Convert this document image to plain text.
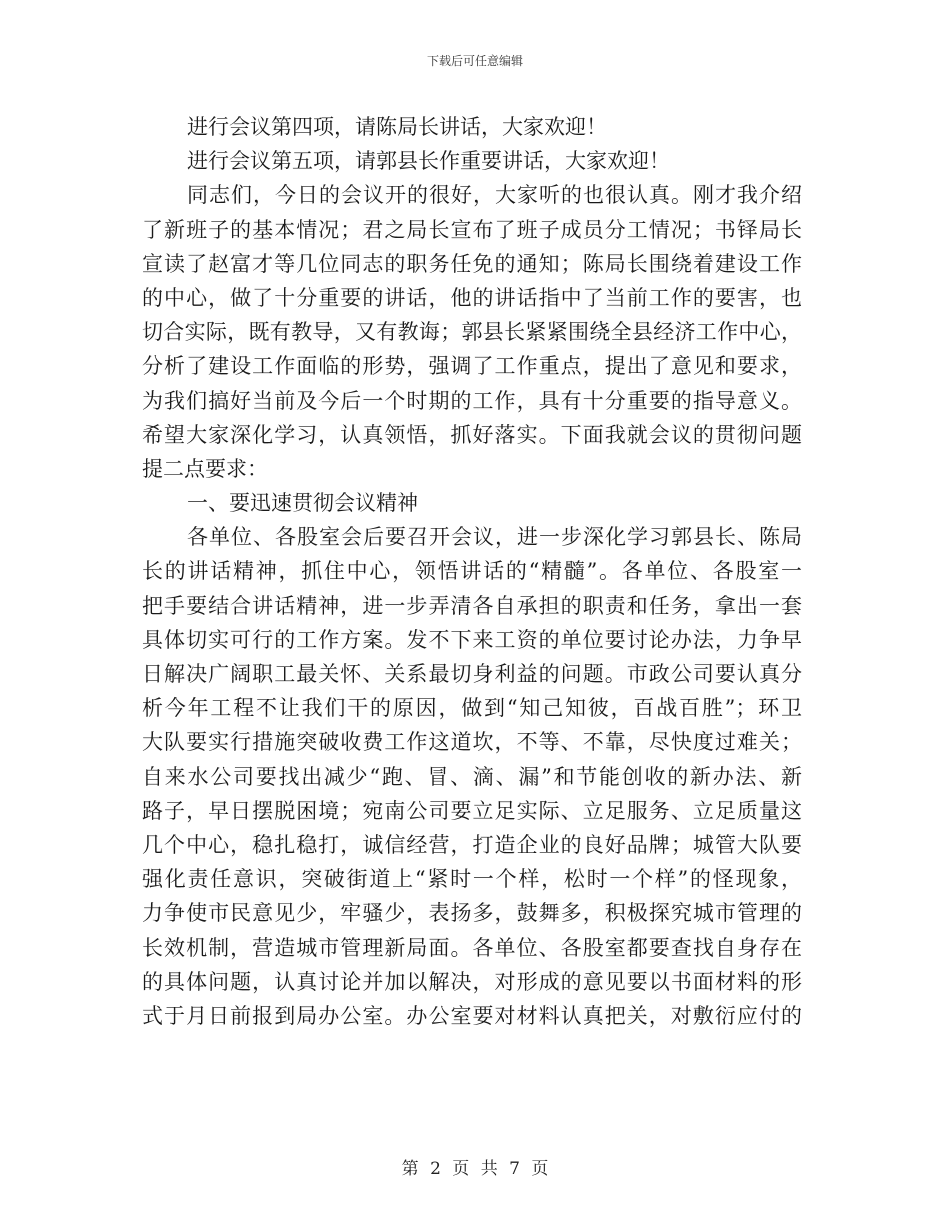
下载后可任意编辑
进行会议第四项，请陈局长讲话，大家欢迎！
进行会议第五项，请郭县长作重要讲话，大家欢迎！
同志们，今日的会议开的很好，大家听的也很认真。刚才我介绍
了新班子的基本情况；君之局长宣布了班子成员分工情况；书铎局长
宣读了赵富才等几位同志的职务任免的通知；陈局长围绕着建设工作
的中心，做了十分重要的讲话，他的讲话指中了当前工作的要害，也
切合实际，既有教导，又有教诲；郭县长紧紧围绕全县经济工作中心，
分析了建设工作面临的形势，强调了工作重点，提出了意见和要求，
为我们搞好当前及今后一个时期的工作，具有十分重要的指导意义。
希望大家深化学习，认真领悟，抓好落实。下面我就会议的贯彻问题
提二点要求：
一、要迅速贯彻会议精神
各单位、各股室会后要召开会议，进一步深化学习郭县长、陈局
长的讲话精神，抓住中心，领悟讲话的“精髓”。各单位、各股室一
把手要结合讲话精神，进一步弄清各自承担的职责和任务，拿出一套
具体切实可行的工作方案。发不下来工资的单位要讨论办法，力争早
日解决广阔职工最关怀、关系最切身利益的问题。市政公司要认真分
析今年工程不让我们干的原因，做到“知己知彼，百战百胜”；环卫
大队要实行措施突破收费工作这道坎，不等、不靠，尽快度过难关；
自来水公司要找出减少“跑、冒、滴、漏”和节能创收的新办法、新
路子，早日摆脱困境；宛南公司要立足实际、立足服务、立足质量这
几个中心，稳扎稳打，诚信经营，打造企业的良好品牌；城管大队要
强化责任意识，突破街道上“紧时一个样，松时一个样”的怪现象，
力争使市民意见少，牢骚少，表扬多，鼓舞多，积极探究城市管理的
长效机制，营造城市管理新局面。各单位、各股室都要查找自身存在
的具体问题，认真讨论并加以解决，对形成的意见要以书面材料的形
式于月日前报到局办公室。办公室要对材料认真把关，对敷衍应付的
第 2 页 共 7 页
